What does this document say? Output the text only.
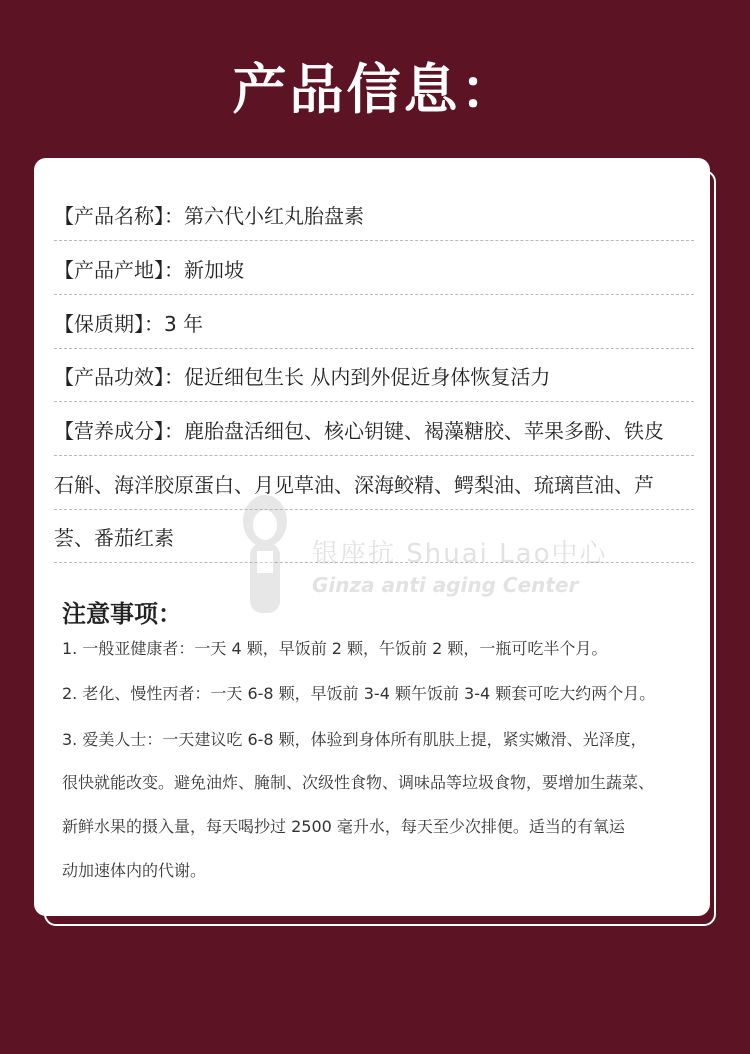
产品信息：
【产品名称】：第六代小红丸胎盘素
【产品产地】：新加坡
【保质期】：3 年
【产品功效】：促近细包生长 从内到外促近身体恢复活力
【营养成分】：鹿胎盘活细包、核心钥键、褐藻糖胶、苹果多酚、铁皮
石斛、海洋胶原蛋白、月见草油、深海鲛精、鳄梨油、琉璃苣油、芦
荟、番茄红素
银座抗 Shuai Lao中心
Ginza anti aging Center
注意事项：
1. 一般亚健康者：一天 4 颗，早饭前 2 颗，午饭前 2 颗，一瓶可吃半个月。
2. 老化、慢性丙者：一天 6-8 颗，早饭前 3-4 颗午饭前 3-4 颗套可吃大约两个月。
3. 爱美人士：一天建议吃 6-8 颗，体验到身体所有肌肤上提，紧实嫩滑、光泽度，
很快就能改变。避免油炸、腌制、次级性食物、调味品等垃圾食物，要增加生蔬菜、
新鲜水果的摄入量，每天喝抄过 2500 毫升水，每天至少次排便。适当的有氧运
动加速体内的代谢。
